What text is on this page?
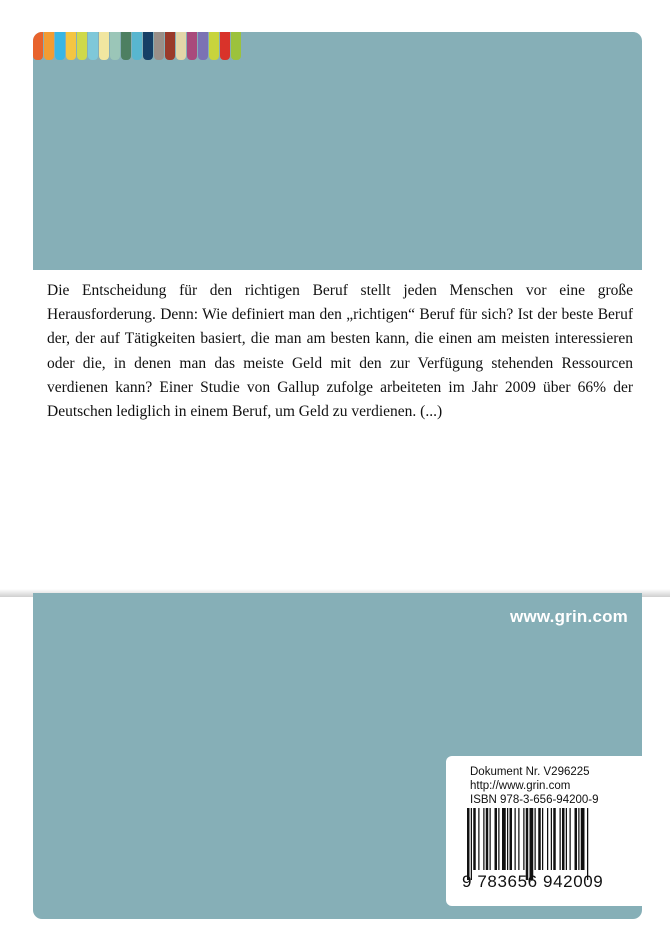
Die Entscheidung für den richtigen Beruf stellt jeden Menschen vor eine große Herausforderung. Denn: Wie definiert man den „richtigen“ Beruf für sich? Ist der beste Beruf der, der auf Tätigkeiten basiert, die man am besten kann, die einen am meisten interessieren oder die, in denen man das meiste Geld mit den zur Verfügung stehenden Ressourcen verdienen kann? Einer Studie von Gallup zufolge arbeiteten im Jahr 2009 über 66% der Deutschen lediglich in einem Beruf, um Geld zu verdienen. (...)

www.grin.com
Dokument Nr. V296225
http://www.grin.com
ISBN 978-3-656-94200-9
9 783656 942009
